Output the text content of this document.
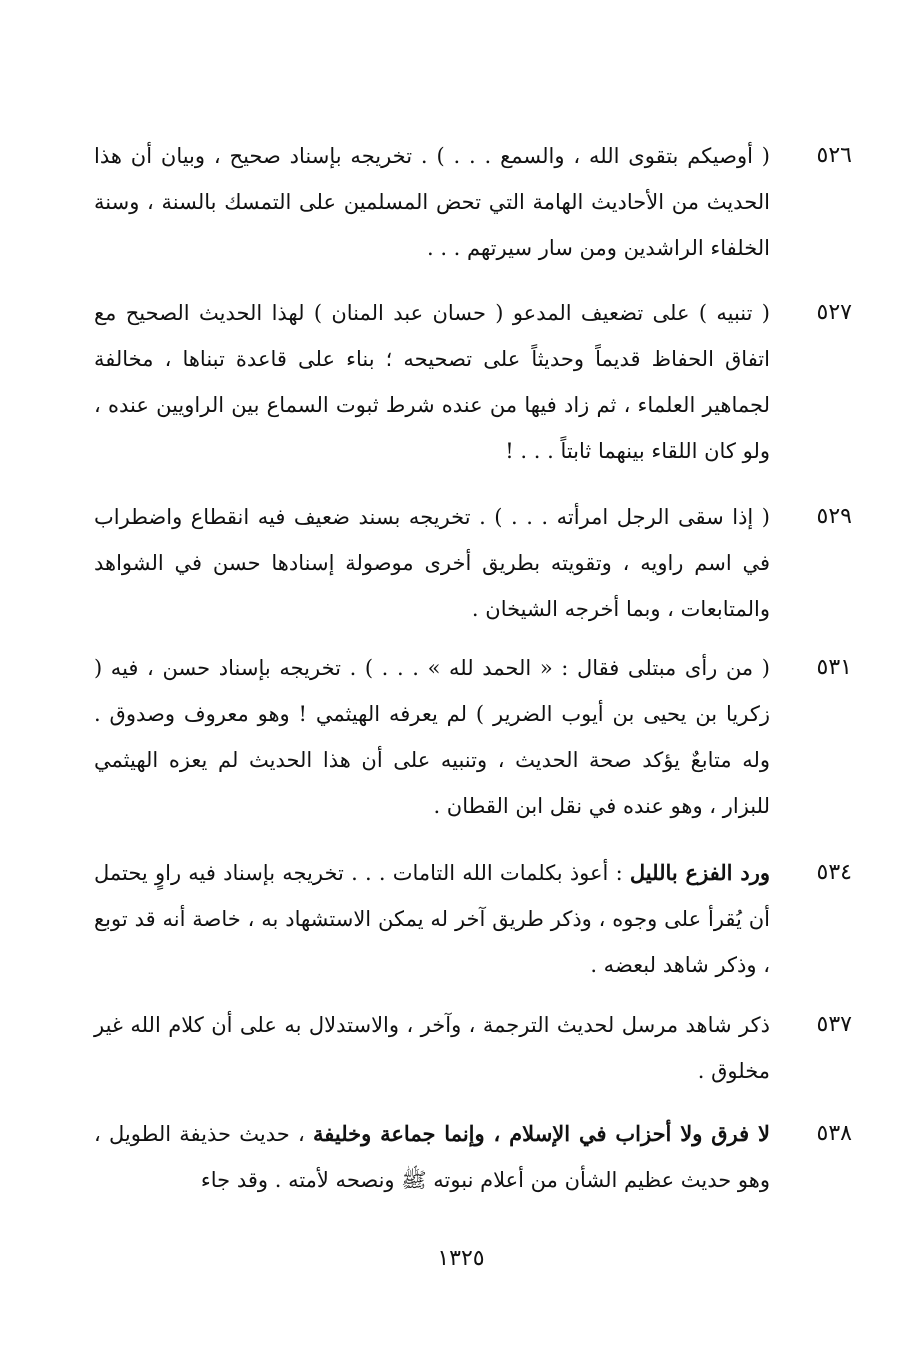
٥٢٦

( أوصيكم بتقوى الله ، والسمع . . . ) . تخريجه بإسناد صحيح ، وبيان أن هذا الحديث من الأحاديث الهامة التي تحض المسلمين على التمسك بالسنة ، وسنة الخلفاء الراشدين ومن سار سيرتهم . . .

٥٢٧

( تنبيه ) على تضعيف المدعو ( حسان عبد المنان ) لهذا الحديث الصحيح مع اتفاق الحفاظ قديماً وحديثاً على تصحيحه ؛ بناء على قاعدة تبناها ، مخالفة لجماهير العلماء ، ثم زاد فيها من عنده شرط ثبوت السماع بين الراويين عنده ، ولو كان اللقاء بينهما ثابتاً . . . !

٥٢٩

( إذا سقى الرجل امرأته . . . ) . تخريجه بسند ضعيف فيه انقطاع واضطراب في اسم راويه ، وتقويته بطريق أخرى موصولة إسنادها حسن في الشواهد والمتابعات ، وبما أخرجه الشيخان .

٥٣١

( من رأى مبتلى فقال : « الحمد لله » . . . ) . تخريجه بإسناد حسن ، فيه ( زكريا بن يحيى بن أيوب الضرير ) لم يعرفه الهيثمي ! وهو معروف وصدوق . وله متابعٌ يؤكد صحة الحديث ، وتنبيه على أن هذا الحديث لم يعزه الهيثمي للبزار ، وهو عنده في نقل ابن القطان .

٥٣٤

ورد الفزع بالليل : أعوذ بكلمات الله التامات . . . تخريجه بإسناد فيه راوٍ يحتمل أن يُقرأ على وجوه ، وذكر طريق آخر له يمكن الاستشهاد به ، خاصة أنه قد توبع ، وذكر شاهد لبعضه .

٥٣٧

ذكر شاهد مرسل لحديث الترجمة ، وآخر ، والاستدلال به على أن كلام الله غير مخلوق .

٥٣٨

لا فرق ولا أحزاب في الإسلام ، وإنما جماعة وخليفة ، حديث حذيفة الطويل ، وهو حديث عظيم الشأن من أعلام نبوته ﷺ ونصحه لأمته . وقد جاء

١٣٢٥
